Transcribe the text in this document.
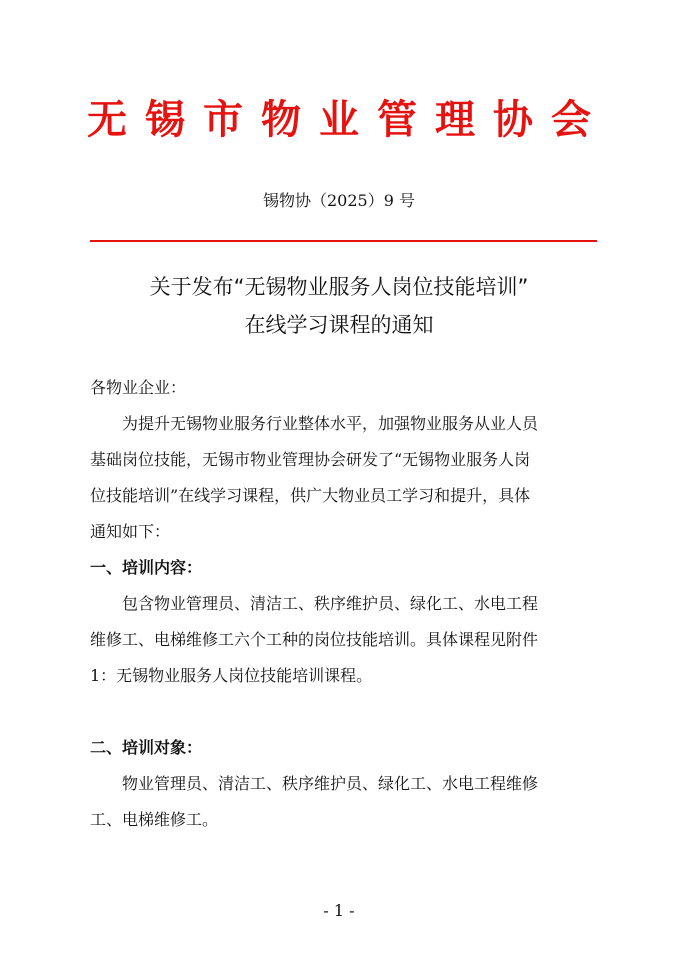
无锡市物业管理协会
锡物协（2025）9 号
关于发布“无锡物业服务人岗位技能培训”
在线学习课程的通知
各物业企业：
为提升无锡物业服务行业整体水平，加强物业服务从业人员
基础岗位技能，无锡市物业管理协会研发了“无锡物业服务人岗
位技能培训”在线学习课程，供广大物业员工学习和提升，具体
通知如下：
一、培训内容：
包含物业管理员、清洁工、秩序维护员、绿化工、水电工程
维修工、电梯维修工六个工种的岗位技能培训。具体课程见附件
1：无锡物业服务人岗位技能培训课程。
二、培训对象：
物业管理员、清洁工、秩序维护员、绿化工、水电工程维修
工、电梯维修工。
- 1 -
